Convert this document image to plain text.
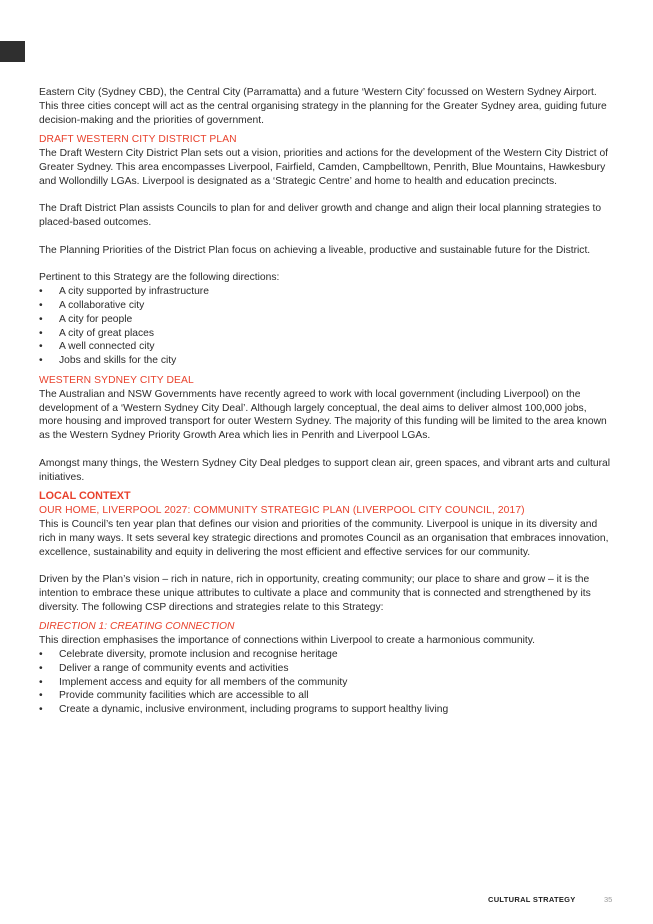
Eastern City (Sydney CBD), the Central City (Parramatta) and a future ‘Western City’ focussed on Western Sydney Airport. This three cities concept will act as the central organising strategy in the planning for the Greater Sydney area, guiding future decision-making and the priorities of government.

DRAFT WESTERN CITY DISTRICT PLAN

The Draft Western City District Plan sets out a vision, priorities and actions for the development of the Western City District of Greater Sydney. This area encompasses Liverpool, Fairfield, Camden, Campbelltown, Penrith, Blue Mountains, Hawkesbury and Wollondilly LGAs. Liverpool is designated as a ‘Strategic Centre’ and home to health and education precincts.

The Draft District Plan assists Councils to plan for and deliver growth and change and align their local planning strategies to placed-based outcomes.

The Planning Priorities of the District Plan focus on achieving a liveable, productive and sustainable future for the District.

Pertinent to this Strategy are the following directions:

• A city supported by infrastructure
• A collaborative city
• A city for people
• A city of great places
• A well connected city
• Jobs and skills for the city

WESTERN SYDNEY CITY DEAL

The Australian and NSW Governments have recently agreed to work with local government (including Liverpool) on the development of a ‘Western Sydney City Deal’. Although largely conceptual, the deal aims to deliver almost 100,000 jobs, more housing and improved transport for outer Western Sydney. The majority of this funding will be limited to the area known as the Western Sydney Priority Growth Area which lies in Penrith and Liverpool LGAs.

Amongst many things, the Western Sydney City Deal pledges to support clean air, green spaces, and vibrant arts and cultural initiatives.

LOCAL CONTEXT

OUR HOME, LIVERPOOL 2027: COMMUNITY STRATEGIC PLAN (LIVERPOOL CITY COUNCIL, 2017)

This is Council’s ten year plan that defines our vision and priorities of the community. Liverpool is unique in its diversity and rich in many ways. It sets several key strategic directions and promotes Council as an organisation that embraces innovation, excellence, sustainability and equity in delivering the most efficient and effective services for our community.

Driven by the Plan’s vision – rich in nature, rich in opportunity, creating community; our place to share and grow – it is the intention to embrace these unique attributes to cultivate a place and community that is connected and strengthened by its diversity. The following CSP directions and strategies relate to this Strategy:

DIRECTION 1: CREATING CONNECTION

This direction emphasises the importance of connections within Liverpool to create a harmonious community.

• Celebrate diversity, promote inclusion and recognise heritage
• Deliver a range of community events and activities
• Implement access and equity for all members of the community
• Provide community facilities which are accessible to all
• Create a dynamic, inclusive environment, including programs to support healthy living
CULTURAL STRATEGY	35
